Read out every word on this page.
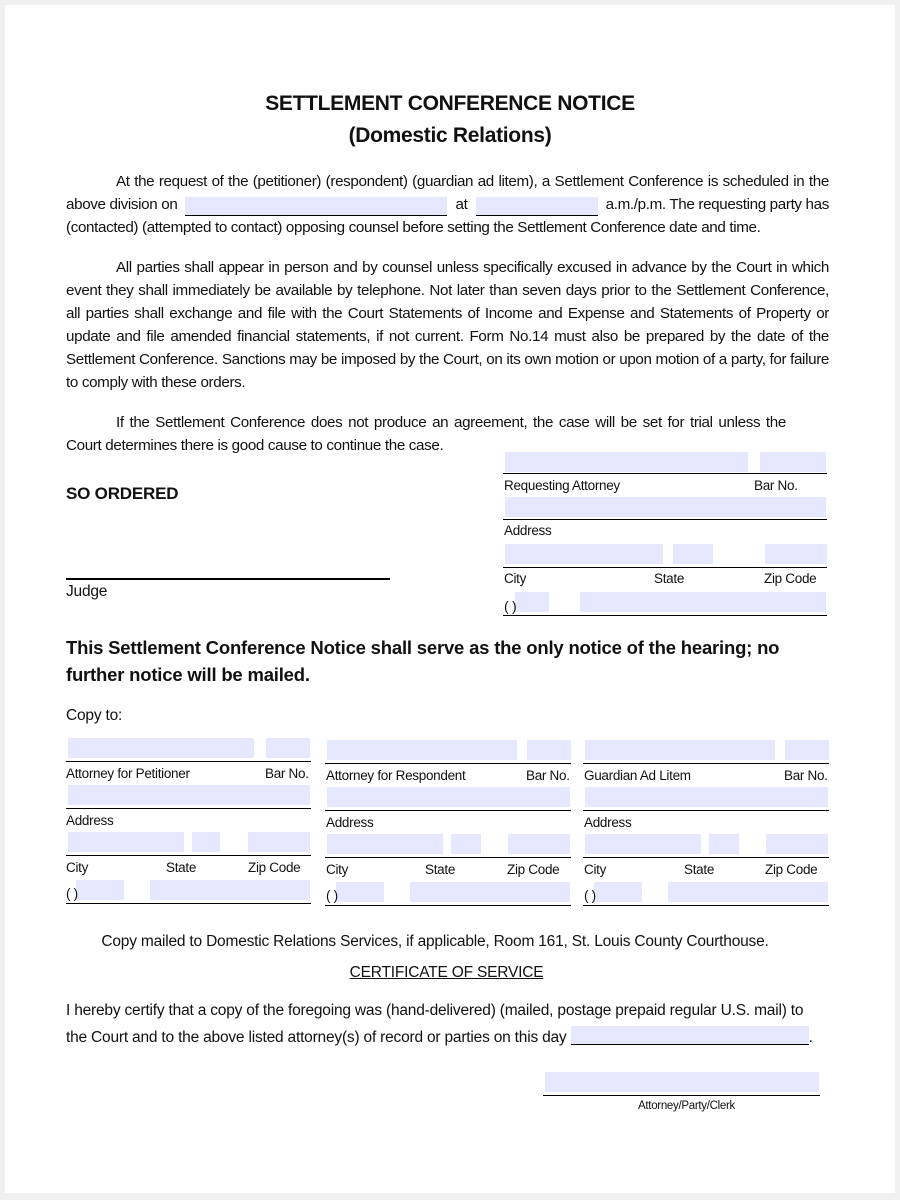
SETTLEMENT CONFERENCE NOTICE
(Domestic Relations)
At the request of the (petitioner) (respondent) (guardian ad litem), a Settlement Conference is scheduled in the
above division on	at	a.m./p.m. The requesting party has
(contacted) (attempted to contact) opposing counsel before setting the Settlement Conference date and time.
All parties shall appear in person and by counsel unless specifically excused in advance by the Court in which event they shall immediately be available by telephone. Not later than seven days prior to the Settlement Conference, all parties shall exchange and file with the Court Statements of Income and Expense and Statements of Property or update and file amended financial statements, if not current. Form No.14 must also be prepared by the date of the Settlement Conference. Sanctions may be imposed by the Court, on its own motion or upon motion of a party, for failure to comply with these orders.
If the Settlement Conference does not produce an agreement, the case will be set for trial unless the Court determines there is good cause to continue the case.
Requesting Attorney	Bar No.
Address
City	State	Zip Code
( )
SO ORDERED
Judge
This Settlement Conference Notice shall serve as the only notice of the hearing; no further notice will be mailed.
Copy to:
Attorney for Petitioner	Bar No.
Address
City	State	Zip Code
( )
Attorney for Respondent	Bar No.
Address
City	State	Zip Code
( )
Guardian Ad Litem	Bar No.
Address
City	State	Zip Code
( )
Copy mailed to Domestic Relations Services, if applicable, Room 161, St. Louis County Courthouse.
CERTIFICATE OF SERVICE
I hereby certify that a copy of the foregoing was (hand-delivered) (mailed, postage prepaid regular U.S. mail) to
the Court and to the above listed attorney(s) of record or parties on this day	.
Attorney/Party/Clerk
